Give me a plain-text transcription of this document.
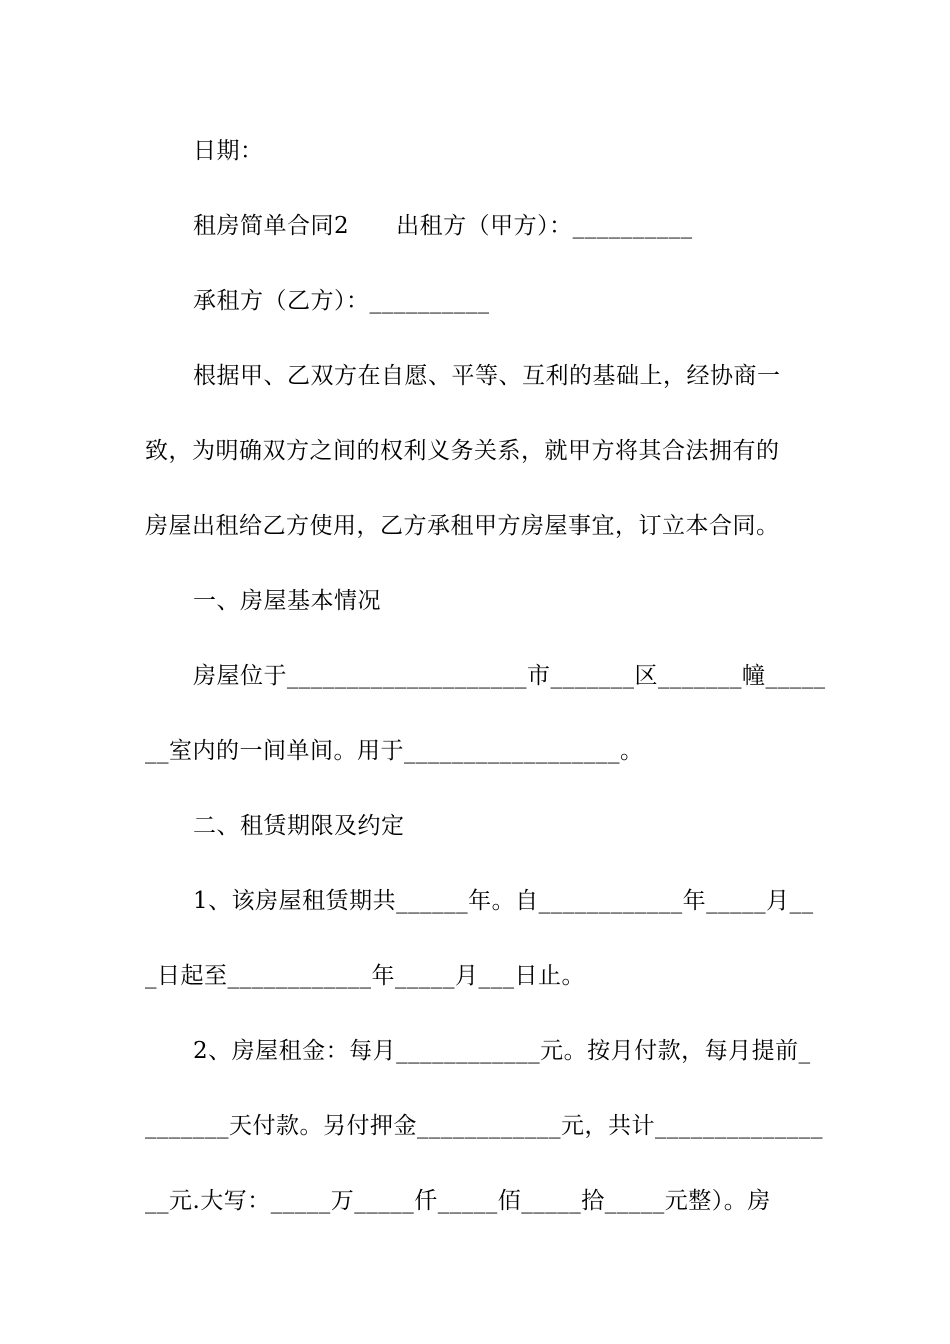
日期：
租房简单合同2　　出租方（甲方）：__________
承租方（乙方）：__________
根据甲、乙双方在自愿、平等、互利的基础上，经协商一
致，为明确双方之间的权利义务关系，就甲方将其合法拥有的
房屋出租给乙方使用，乙方承租甲方房屋事宜，订立本合同。
一、房屋基本情况
房屋位于____________________市_______区_______幢_____
__室内的一间单间。用于__________________。
二、租赁期限及约定
1、该房屋租赁期共______年。自____________年_____月__
_日起至____________年_____月___日止。
2、房屋租金：每月____________元。按月付款，每月提前_
_______天付款。另付押金____________元，共计______________
__元.大写：_____万_____仟_____佰_____拾_____元整）。房
